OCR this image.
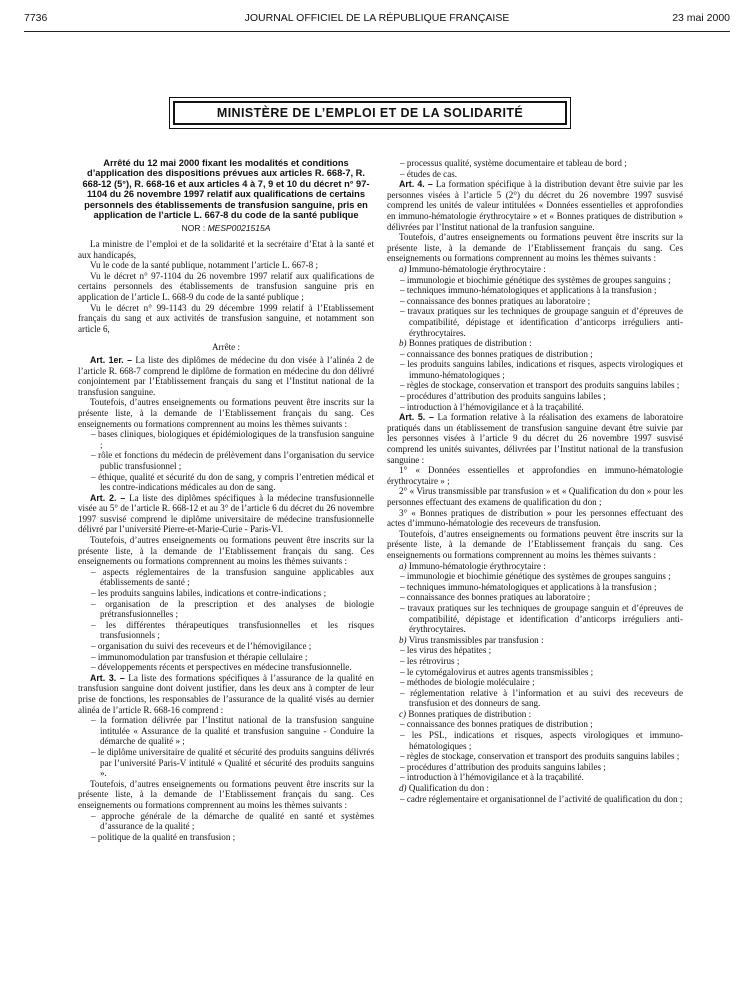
7736	JOURNAL OFFICIEL DE LA RÉPUBLIQUE FRANÇAISE	23 mai 2000
MINISTÈRE DE L’EMPLOI ET DE LA SOLIDARITÉ

Arrêté du 12 mai 2000 fixant les modalités et conditions d’application des dispositions prévues aux articles R. 668-7, R. 668-12 (5°), R. 668-16 et aux articles 4 à 7, 9 et 10 du décret n° 97-1104 du 26 novembre 1997 relatif aux qualifications de certains personnels des établissements de transfusion sanguine, pris en application de l’article L. 667-8 du code de la santé publique

NOR : MESP0021515A

La ministre de l’emploi et de la solidarité et la secrétaire d’Etat à la santé et aux handicapés,

Vu le code de la santé publique, notamment l’article L. 667-8 ;

Vu le décret n° 97-1104 du 26 novembre 1997 relatif aux qualifications de certains personnels des établissements de transfusion sanguine pris en application de l’article L. 668-9 du code de la santé publique ;

Vu le décret n° 99-1143 du 29 décembre 1999 relatif à l’Etablissement français du sang et aux activités de transfusion sanguine, et notamment son article 6,

Arrête :

Art. 1er. – La liste des diplômes de médecine du don visée à l’alinéa 2 de l’article R. 668-7 comprend le diplôme de formation en médecine du don délivré conjointement par l’Etablissement français du sang et l’Institut national de la transfusion sanguine.

Toutefois, d’autres enseignements ou formations peuvent être inscrits sur la présente liste, à la demande de l’Etablissement français du sang. Ces enseignements ou formations comprennent au moins les thèmes suivants :

– bases cliniques, biologiques et épidémiologiques de la transfusion sanguine ;

– rôle et fonctions du médecin de prélèvement dans l’organisation du service public transfusionnel ;

– éthique, qualité et sécurité du don de sang, y compris l’entretien médical et les contre-indications médicales au don de sang.

Art. 2. – La liste des diplômes spécifiques à la médecine transfusionnelle visée au 5° de l’article R. 668-12 et au 3° de l’article 6 du décret du 26 novembre 1997 susvisé comprend le diplôme universitaire de médecine transfusionnelle délivré par l’université Pierre-et-Marie-Curie - Paris-VI.

Toutefois, d’autres enseignements ou formations peuvent être inscrits sur la présente liste, à la demande de l’Etablissement français du sang. Ces enseignements ou formations comprennent au moins les thèmes suivants :

– aspects réglementaires de la transfusion sanguine applicables aux établissements de santé ;

– les produits sanguins labiles, indications et contre-indications ;

– organisation de la prescription et des analyses de biologie prétransfusionnelles ;

– les différentes thérapeutiques transfusionnelles et les risques transfusionnels ;

– organisation du suivi des receveurs et de l’hémovigilance ;

– immunomodulation par transfusion et thérapie cellulaire ;

– développements récents et perspectives en médecine transfusionnelle.

Art. 3. – La liste des formations spécifiques à l’assurance de la qualité en transfusion sanguine dont doivent justifier, dans les deux ans à compter de leur prise de fonctions, les responsables de l’assurance de la qualité visés au dernier alinéa de l’article R. 668-16 comprend :

– la formation délivrée par l’Institut national de la transfusion sanguine intitulée « Assurance de la qualité et transfusion sanguine - Conduire la démarche de qualité » ;

– le diplôme universitaire de qualité et sécurité des produits sanguins délivrés par l’université Paris-V intitulé « Qualité et sécurité des produits sanguins ».

Toutefois, d’autres enseignements ou formations peuvent être inscrits sur la présente liste, à la demande de l’Etablissement français du sang. Ces enseignements ou formations comprennent au moins les thèmes suivants :

– approche générale de la démarche de qualité en santé et systèmes d’assurance de la qualité ;

– politique de la qualité en transfusion ;

– processus qualité, système documentaire et tableau de bord ;

– études de cas.

Art. 4. – La formation spécifique à la distribution devant être suivie par les personnes visées à l’article 5 (2°) du décret du 26 novembre 1997 susvisé comprend les unités de valeur intitulées « Données essentielles et approfondies en immuno-hématologie érythrocytaire » et « Bonnes pratiques de distribution » délivrées par l’Institut national de la tranfusion sanguine.

Toutefois, d’autres enseignements ou formations peuvent être inscrits sur la présente liste, à la demande de l’Etablissement français du sang. Ces enseignements ou formations comprennent au moins les thèmes suivants :

a) Immuno-hématologie érythrocytaire :

– immunologie et biochimie génétique des systèmes de groupes sanguins ;

– techniques immuno-hématologiques et applications à la transfusion ;

– connaissance des bonnes pratiques au laboratoire ;

– travaux pratiques sur les techniques de groupage sanguin et d’épreuves de compatibilité, dépistage et identification d’anticorps irréguliers anti-érythrocytaires.

b) Bonnes pratiques de distribution :

– connaissance des bonnes pratiques de distribution ;

– les produits sanguins labiles, indications et risques, aspects virologiques et immuno-hématologiques ;

– règles de stockage, conservation et transport des produits sanguins labiles ;

– procédures d’attribution des produits sanguins labiles ;

– introduction à l’hémovigilance et à la traçabilité.

Art. 5. – La formation relative à la réalisation des examens de laboratoire pratiqués dans un établissement de transfusion sanguine devant être suivie par les personnes visées à l’article 9 du décret du 26 novembre 1997 susvisé comprend les unités suivantes, délivrées par l’Institut national de la transfusion sanguine :

1° « Données essentielles et approfondies en immuno-hématologie érythrocytaire » ;

2° « Virus transmissible par transfusion » et « Qualification du don » pour les personnes effectuant des examens de qualification du don ;

3° « Bonnes pratiques de distribution » pour les personnes effectuant des actes d’immuno-hématologie des receveurs de transfusion.

Toutefois, d’autres enseignements ou formations peuvent être inscrits sur la présente liste, à la demande de l’Etablissement français du sang. Ces enseignements ou formations comprennent au moins les thèmes suivants :

a) Immuno-hématologie érythrocytaire :

– immunologie et biochimie génétique des systèmes de groupes sanguins ;

– techniques immuno-hématologiques et applications à la transfusion ;

– connaissance des bonnes pratiques au laboratoire ;

– travaux pratiques sur les techniques de groupage sanguin et d’épreuves de compatibilité, dépistage et identification d’anticorps irréguliers anti-érythrocytaires.

b) Virus transmissibles par transfusion :

– les virus des hépatites ;

– les rétrovirus ;

– le cytomégalovirus et autres agents transmissibles ;

– méthodes de biologie moléculaire ;

– réglementation relative à l’information et au suivi des receveurs de transfusion et des donneurs de sang.

c) Bonnes pratiques de distribution :

– connaissance des bonnes pratiques de distribution ;

– les PSL, indications et risques, aspects virologiques et immuno-hématologiques ;

– règles de stockage, conservation et transport des produits sanguins labiles ;

– procédures d’attribution des produits sanguins labiles ;

– introduction à l’hémovigilance et à la traçabilité.

d) Qualification du don :

– cadre réglementaire et organisationnel de l’activité de qualification du don ;
